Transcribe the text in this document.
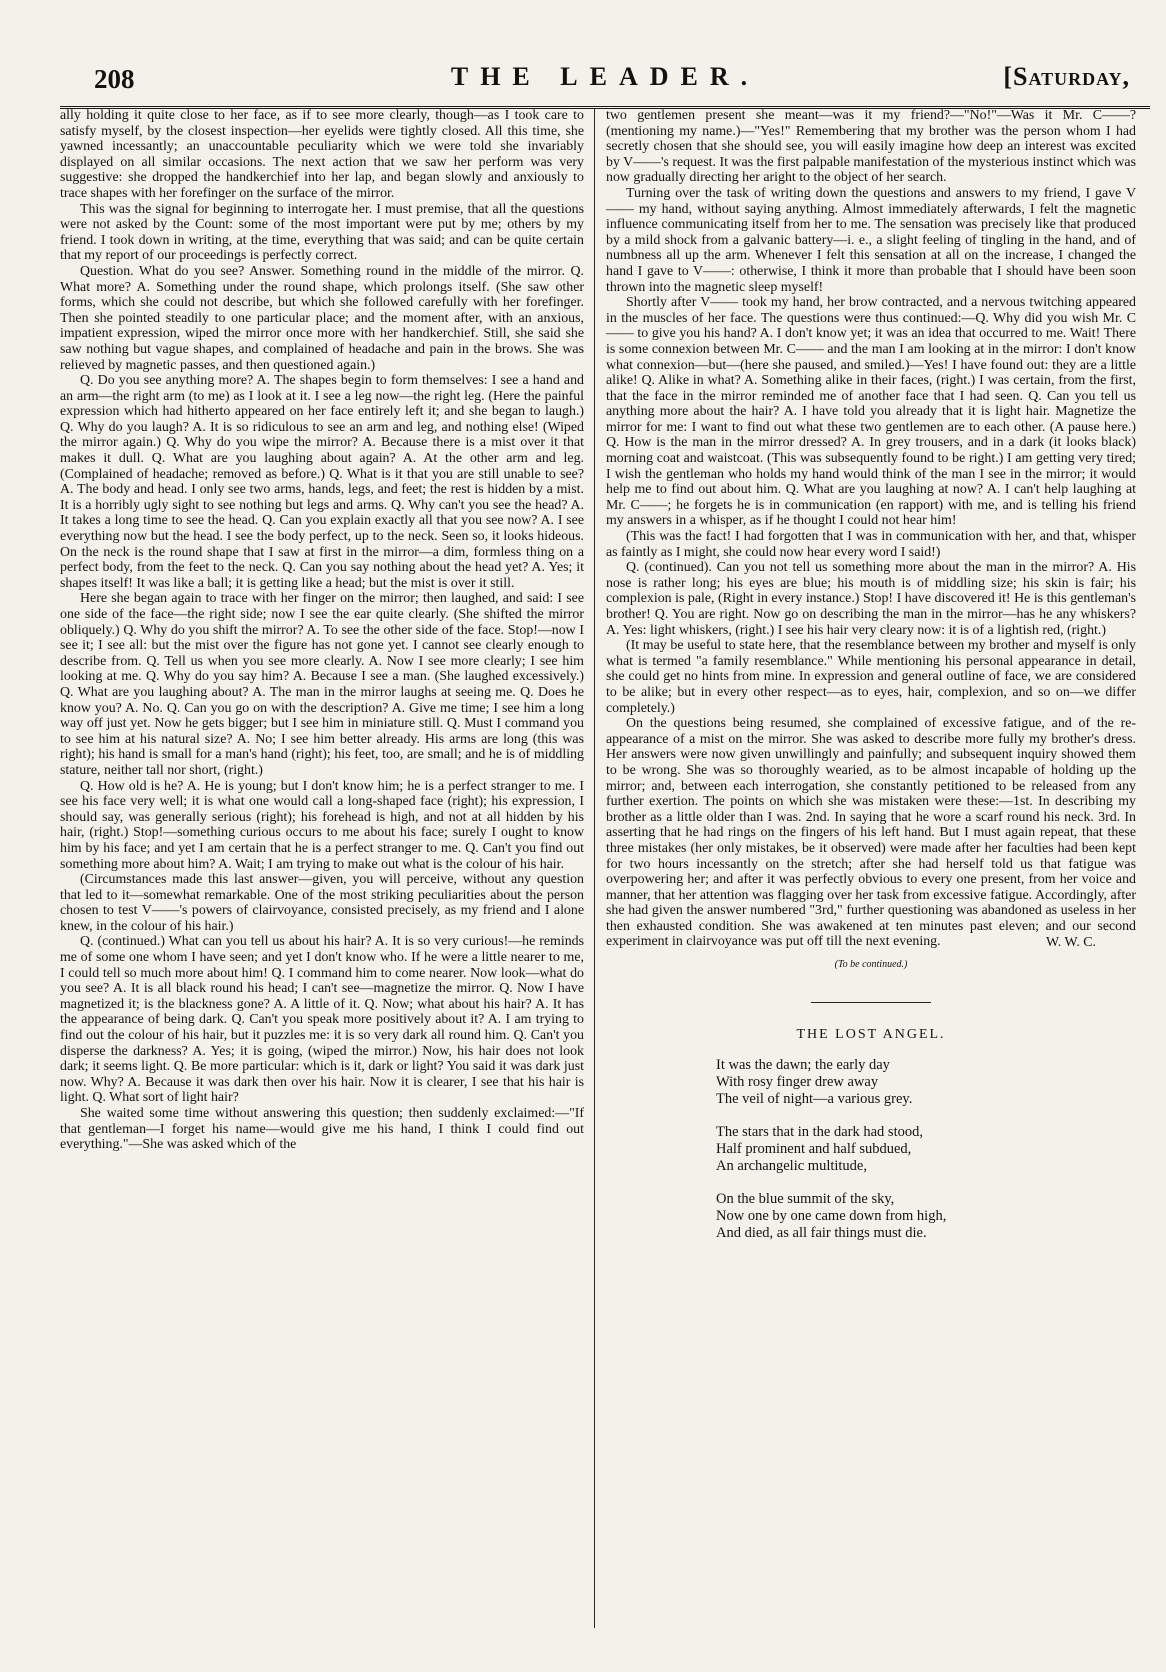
208	THE LEADER.	[Saturday,

ally holding it quite close to her face, as if to see more clearly, though—as I took care to satisfy myself, by the closest inspection—her eyelids were tightly closed. All this time, she yawned incessantly; an unaccountable peculiarity which we were told she invariably displayed on all similar occasions. The next action that we saw her perform was very suggestive: she dropped the handkerchief into her lap, and began slowly and anxiously to trace shapes with her forefinger on the surface of the mirror.

This was the signal for beginning to interrogate her. I must premise, that all the questions were not asked by the Count: some of the most important were put by me; others by my friend. I took down in writing, at the time, everything that was said; and can be quite certain that my report of our proceedings is perfectly correct.

Question. What do you see? Answer. Something round in the middle of the mirror. Q. What more? A. Something under the round shape, which prolongs itself. (She saw other forms, which she could not describe, but which she followed carefully with her forefinger. Then she pointed steadily to one particular place; and the moment after, with an anxious, impatient expression, wiped the mirror once more with her handkerchief. Still, she said she saw nothing but vague shapes, and complained of headache and pain in the brows. She was relieved by magnetic passes, and then questioned again.)

Q. Do you see anything more? A. The shapes begin to form themselves: I see a hand and an arm—the right arm (to me) as I look at it. I see a leg now—the right leg. (Here the painful expression which had hitherto appeared on her face entirely left it; and she began to laugh.) Q. Why do you laugh? A. It is so ridiculous to see an arm and leg, and nothing else! (Wiped the mirror again.) Q. Why do you wipe the mirror? A. Because there is a mist over it that makes it dull. Q. What are you laughing about again? A. At the other arm and leg. (Complained of headache; removed as before.) Q. What is it that you are still unable to see? A. The body and head. I only see two arms, hands, legs, and feet; the rest is hidden by a mist. It is a horribly ugly sight to see nothing but legs and arms. Q. Why can't you see the head? A. It takes a long time to see the head. Q. Can you explain exactly all that you see now? A. I see everything now but the head. I see the body perfect, up to the neck. Seen so, it looks hideous. On the neck is the round shape that I saw at first in the mirror—a dim, formless thing on a perfect body, from the feet to the neck. Q. Can you say nothing about the head yet? A. Yes; it shapes itself! It was like a ball; it is getting like a head; but the mist is over it still.

Here she began again to trace with her finger on the mirror; then laughed, and said: I see one side of the face—the right side; now I see the ear quite clearly. (She shifted the mirror obliquely.) Q. Why do you shift the mirror? A. To see the other side of the face. Stop!—now I see it; I see all: but the mist over the figure has not gone yet. I cannot see clearly enough to describe from. Q. Tell us when you see more clearly. A. Now I see more clearly; I see him looking at me. Q. Why do you say him? A. Because I see a man. (She laughed excessively.) Q. What are you laughing about? A. The man in the mirror laughs at seeing me. Q. Does he know you? A. No. Q. Can you go on with the description? A. Give me time; I see him a long way off just yet. Now he gets bigger; but I see him in miniature still. Q. Must I command you to see him at his natural size? A. No; I see him better already. His arms are long (this was right); his hand is small for a man's hand (right); his feet, too, are small; and he is of middling stature, neither tall nor short, (right.)

Q. How old is he? A. He is young; but I don't know him; he is a perfect stranger to me. I see his face very well; it is what one would call a long-shaped face (right); his expression, I should say, was generally serious (right); his forehead is high, and not at all hidden by his hair, (right.) Stop!—something curious occurs to me about his face; surely I ought to know him by his face; and yet I am certain that he is a perfect stranger to me. Q. Can't you find out something more about him? A. Wait; I am trying to make out what is the colour of his hair.

(Circumstances made this last answer—given, you will perceive, without any question that led to it—somewhat remarkable. One of the most striking peculiarities about the person chosen to test V——'s powers of clairvoyance, consisted precisely, as my friend and I alone knew, in the colour of his hair.)

Q. (continued.) What can you tell us about his hair? A. It is so very curious!—he reminds me of some one whom I have seen; and yet I don't know who. If he were a little nearer to me, I could tell so much more about him! Q. I command him to come nearer. Now look—what do you see? A. It is all black round his head; I can't see—magnetize the mirror. Q. Now I have magnetized it; is the blackness gone? A. A little of it. Q. Now; what about his hair? A. It has the appearance of being dark. Q. Can't you speak more positively about it? A. I am trying to find out the colour of his hair, but it puzzles me: it is so very dark all round him. Q. Can't you disperse the darkness? A. Yes; it is going, (wiped the mirror.) Now, his hair does not look dark; it seems light. Q. Be more particular: which is it, dark or light? You said it was dark just now. Why? A. Because it was dark then over his hair. Now it is clearer, I see that his hair is light. Q. What sort of light hair?

She waited some time without answering this question; then suddenly exclaimed:—"If that gentleman—I forget his name—would give me his hand, I think I could find out everything."—She was asked which of the

two gentlemen present she meant—was it my friend?—"No!"—Was it Mr. C——? (mentioning my name.)—"Yes!" Remembering that my brother was the person whom I had secretly chosen that she should see, you will easily imagine how deep an interest was excited by V——'s request. It was the first palpable manifestation of the mysterious instinct which was now gradually directing her aright to the object of her search.

Turning over the task of writing down the questions and answers to my friend, I gave V—— my hand, without saying anything. Almost immediately afterwards, I felt the magnetic influence communicating itself from her to me. The sensation was precisely like that produced by a mild shock from a galvanic battery—i. e., a slight feeling of tingling in the hand, and of numbness all up the arm. Whenever I felt this sensation at all on the increase, I changed the hand I gave to V——: otherwise, I think it more than probable that I should have been soon thrown into the magnetic sleep myself!

Shortly after V—— took my hand, her brow contracted, and a nervous twitching appeared in the muscles of her face. The questions were thus continued:—Q. Why did you wish Mr. C—— to give you his hand? A. I don't know yet; it was an idea that occurred to me. Wait! There is some connexion between Mr. C—— and the man I am looking at in the mirror: I don't know what connexion—but—(here she paused, and smiled.)—Yes! I have found out: they are a little alike! Q. Alike in what? A. Something alike in their faces, (right.) I was certain, from the first, that the face in the mirror reminded me of another face that I had seen. Q. Can you tell us anything more about the hair? A. I have told you already that it is light hair. Magnetize the mirror for me: I want to find out what these two gentlemen are to each other. (A pause here.) Q. How is the man in the mirror dressed? A. In grey trousers, and in a dark (it looks black) morning coat and waistcoat. (This was subsequently found to be right.) I am getting very tired; I wish the gentleman who holds my hand would think of the man I see in the mirror; it would help me to find out about him. Q. What are you laughing at now? A. I can't help laughing at Mr. C——; he forgets he is in communication (en rapport) with me, and is telling his friend my answers in a whisper, as if he thought I could not hear him!

(This was the fact! I had forgotten that I was in communication with her, and that, whisper as faintly as I might, she could now hear every word I said!)

Q. (continued). Can you not tell us something more about the man in the mirror? A. His nose is rather long; his eyes are blue; his mouth is of middling size; his skin is fair; his complexion is pale, (Right in every instance.) Stop! I have discovered it! He is this gentleman's brother! Q. You are right. Now go on describing the man in the mirror—has he any whiskers? A. Yes: light whiskers, (right.) I see his hair very cleary now: it is of a lightish red, (right.)

(It may be useful to state here, that the resemblance between my brother and myself is only what is termed "a family resemblance." While mentioning his personal appearance in detail, she could get no hints from mine. In expression and general outline of face, we are considered to be alike; but in every other respect—as to eyes, hair, complexion, and so on—we differ completely.)

On the questions being resumed, she complained of excessive fatigue, and of the re-appearance of a mist on the mirror. She was asked to describe more fully my brother's dress. Her answers were now given unwillingly and painfully; and subsequent inquiry showed them to be wrong. She was so thoroughly wearied, as to be almost incapable of holding up the mirror; and, between each interrogation, she constantly petitioned to be released from any further exertion. The points on which she was mistaken were these:—1st. In describing my brother as a little older than I was. 2nd. In saying that he wore a scarf round his neck. 3rd. In asserting that he had rings on the fingers of his left hand. But I must again repeat, that these three mistakes (her only mistakes, be it observed) were made after her faculties had been kept for two hours incessantly on the stretch; after she had herself told us that fatigue was overpowering her; and after it was perfectly obvious to every one present, from her voice and manner, that her attention was flagging over her task from excessive fatigue. Accordingly, after she had given the answer numbered "3rd," further questioning was abandoned as useless in her then exhausted condition. She was awakened at ten minutes past eleven; and our second experiment in clairvoyance was put off till the next evening.	W. W. C.
(To be continued.)
THE LOST ANGEL.
It was the dawn; the early day
With rosy finger drew away
The veil of night—a various grey.
The stars that in the dark had stood,
Half prominent and half subdued,
An archangelic multitude,
On the blue summit of the sky,
Now one by one came down from high,
And died, as all fair things must die.
